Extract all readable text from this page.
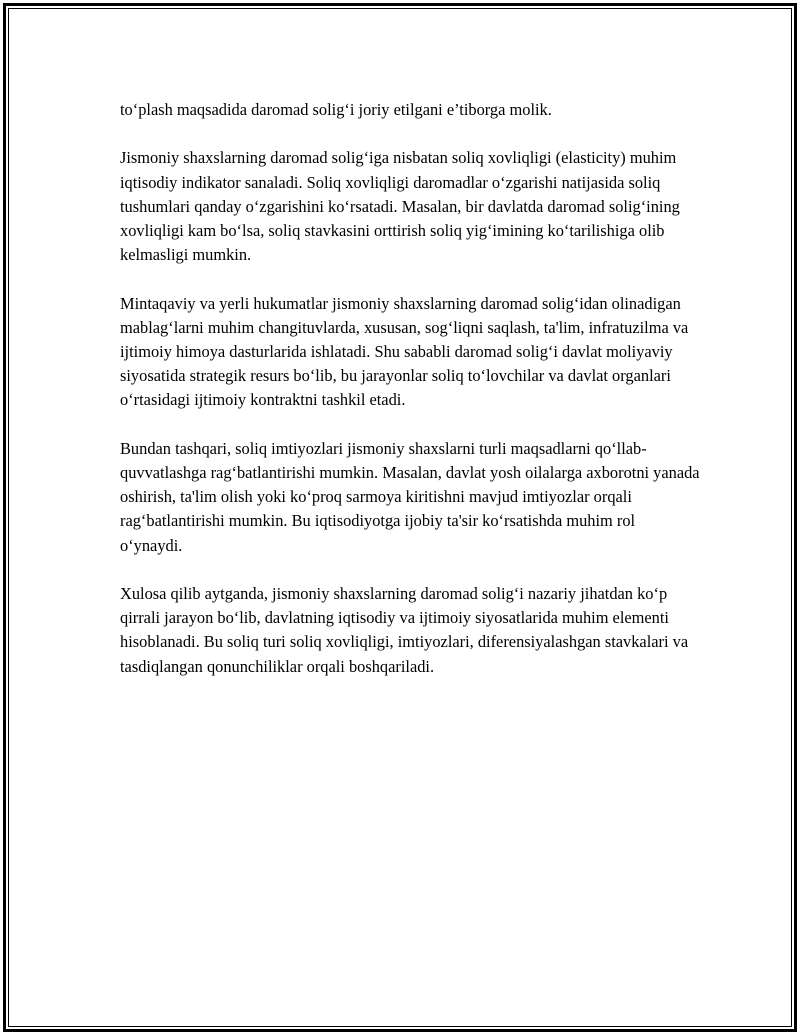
to‘plash maqsadida daromad solig‘i joriy etilgani e’tiborga molik.

Jismoniy shaxslarning daromad solig‘iga nisbatan soliq xovliqligi (elasticity) muhim iqtisodiy indikator sanaladi. Soliq xovliqligi daromadlar o‘zgarishi natijasida soliq tushumlari qanday o‘zgarishini ko‘rsatadi. Masalan, bir davlatda daromad solig‘ining xovliqligi kam bo‘lsa, soliq stavkasini orttirish soliq yig‘imining ko‘tarilishiga olib kelmasligi mumkin.

Mintaqaviy va yerli hukumatlar jismoniy shaxslarning daromad solig‘idan olinadigan mablag‘larni muhim changituvlarda, xususan, sog‘liqni saqlash, ta'lim, infratuzilma va ijtimoiy himoya dasturlarida ishlatadi. Shu sababli daromad solig‘i davlat moliyaviy siyosatida strategik resurs bo‘lib, bu jarayonlar soliq to‘lovchilar va davlat organlari o‘rtasidagi ijtimoiy kontraktni tashkil etadi.

Bundan tashqari, soliq imtiyozlari jismoniy shaxslarni turli maqsadlarni qo‘llab-quvvatlashga rag‘batlantirishi mumkin. Masalan, davlat yosh oilalarga axborotni yanada oshirish, ta'lim olish yoki ko‘proq sarmoya kiritishni mavjud imtiyozlar orqali rag‘batlantirishi mumkin. Bu iqtisodiyotga ijobiy ta'sir ko‘rsatishda muhim rol o‘ynaydi.

Xulosa qilib aytganda, jismoniy shaxslarning daromad solig‘i nazariy jihatdan ko‘p qirrali jarayon bo‘lib, davlatning iqtisodiy va ijtimoiy siyosatlarida muhim elementi hisoblanadi. Bu soliq turi soliq xovliqligi, imtiyozlari, diferensiyalashgan stavkalari va tasdiqlangan qonunchiliklar orqali boshqariladi.
